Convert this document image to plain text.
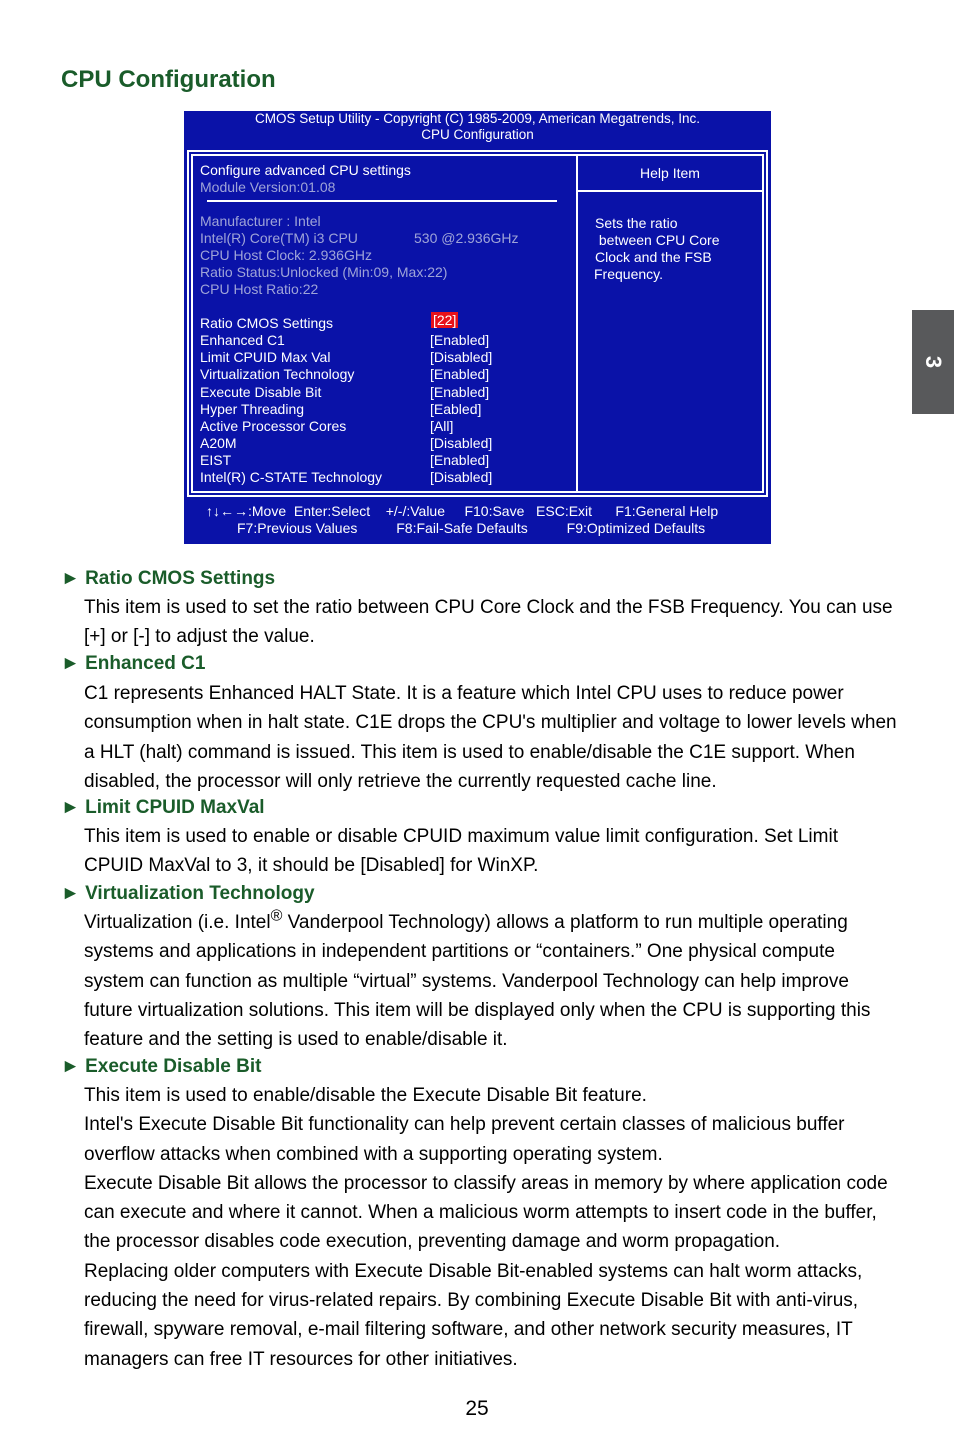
CPU Configuration
3
CMOS Setup Utility - Copyright (C) 1985-2009, American Megatrends, Inc.
CPU Configuration
Configure advanced CPU settings
Module Version:01.08
Manufacturer : Intel
Intel(R) Core(TM) i3 CPU	530 @2.936GHz
CPU Host Clock: 2.936GHz
Ratio Status:Unlocked (Min:09, Max:22)
CPU Host Ratio:22
Ratio CMOS Settings	[22]
Enhanced C1	[Enabled]
Limit CPUID Max Val	[Disabled]
Virtualization Technology	[Enabled]
Execute Disable Bit	[Enabled]
Hyper Threading	[Eabled]
Active Processor Cores	[All]
A20M	[Disabled]
EIST	[Enabled]
Intel(R) C-STATE Technology	[Disabled]
Help Item
Sets the ratio
between CPU Core
Clock and the FSB
Frequency.
↑↓←→:Move  Enter:Select    +/-/:Value     F10:Save   ESC:Exit      F1:General Help
F7:Previous Values          F8:Fail-Safe Defaults          F9:Optimized Defaults
► Ratio CMOS Settings
This item is used to set the ratio between CPU Core Clock and the FSB Frequency. You can use [+] or [-] to adjust the value.
► Enhanced C1
C1 represents Enhanced HALT State. It is a feature which Intel CPU uses to reduce power consumption when in halt state. C1E drops the CPU's multiplier and voltage to lower levels when a HLT (halt) command is issued. This item is used to enable/disable the C1E support. When disabled, the processor will only retrieve the currently requested cache line.
► Limit CPUID MaxVal
This item is used to enable or disable CPUID maximum value limit configuration. Set Limit CPUID MaxVal to 3, it should be [Disabled] for WinXP.
► Virtualization Technology
Virtualization (i.e. Intel® Vanderpool Technology) allows a platform to run multiple operating systems and applications in independent partitions or “containers.” One physical compute system can function as multiple “virtual” systems. Vanderpool Technology can help improve future virtualization solutions. This item will be displayed only when the CPU is supporting this feature and the setting is used to enable/disable it.
► Execute Disable Bit
This item is used to enable/disable the Execute Disable Bit feature.
Intel's Execute Disable Bit functionality can help prevent certain classes of malicious buffer overflow attacks when combined with a supporting operating system.
Execute Disable Bit allows the processor to classify areas in memory by where application code can execute and where it cannot. When a malicious worm attempts to insert code in the buffer, the processor disables code execution, preventing damage and worm propagation.
Replacing older computers with Execute Disable Bit-enabled systems can halt worm attacks, reducing the need for virus-related repairs. By combining Execute Disable Bit with anti-virus, firewall, spyware removal, e-mail filtering software, and other network security measures, IT managers can free IT resources for other initiatives.
25
